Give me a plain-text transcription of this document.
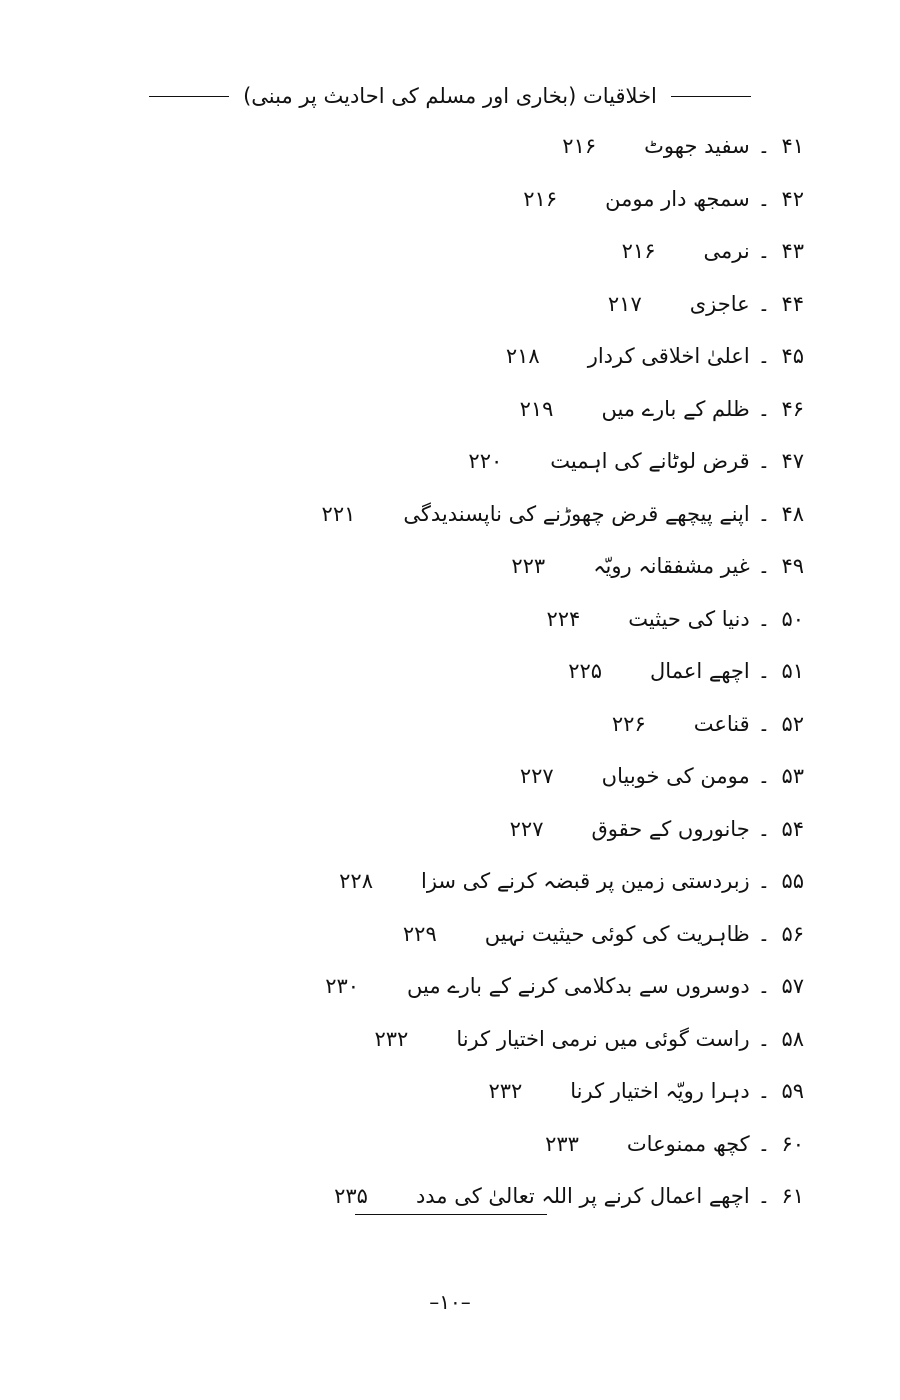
اخلاقیات (بخاری اور مسلم کی احادیث پر مبنی)
۴۱
۔
سفید جھوٹ
۲۱۶
۴۲
۔
سمجھ دار مومن
۲۱۶
۴۳
۔
نرمی
۲۱۶
۴۴
۔
عاجزی
۲۱۷
۴۵
۔
اعلیٰ اخلاقی کردار
۲۱۸
۴۶
۔
ظلم کے بارے میں
۲۱۹
۴۷
۔
قرض لوٹانے کی اہمیت
۲۲۰
۴۸
۔
اپنے پیچھے قرض چھوڑنے کی ناپسندیدگی
۲۲۱
۴۹
۔
غیر مشفقانہ رویّہ
۲۲۳
۵۰
۔
دنیا کی حیثیت
۲۲۴
۵۱
۔
اچھے اعمال
۲۲۵
۵۲
۔
قناعت
۲۲۶
۵۳
۔
مومن کی خوبیاں
۲۲۷
۵۴
۔
جانوروں کے حقوق
۲۲۷
۵۵
۔
زبردستی زمین پر قبضہ کرنے کی سزا
۲۲۸
۵۶
۔
ظاہریت کی کوئی حیثیت نہیں
۲۲۹
۵۷
۔
دوسروں سے بدکلامی کرنے کے بارے میں
۲۳۰
۵۸
۔
راست گوئی میں نرمی اختیار کرنا
۲۳۲
۵۹
۔
دہرا رویّہ اختیار کرنا
۲۳۲
۶۰
۔
کچھ ممنوعات
۲۳۳
۶۱
۔
اچھے اعمال کرنے پر اللہ تعالیٰ کی مدد
۲۳۵
–۱۰–
